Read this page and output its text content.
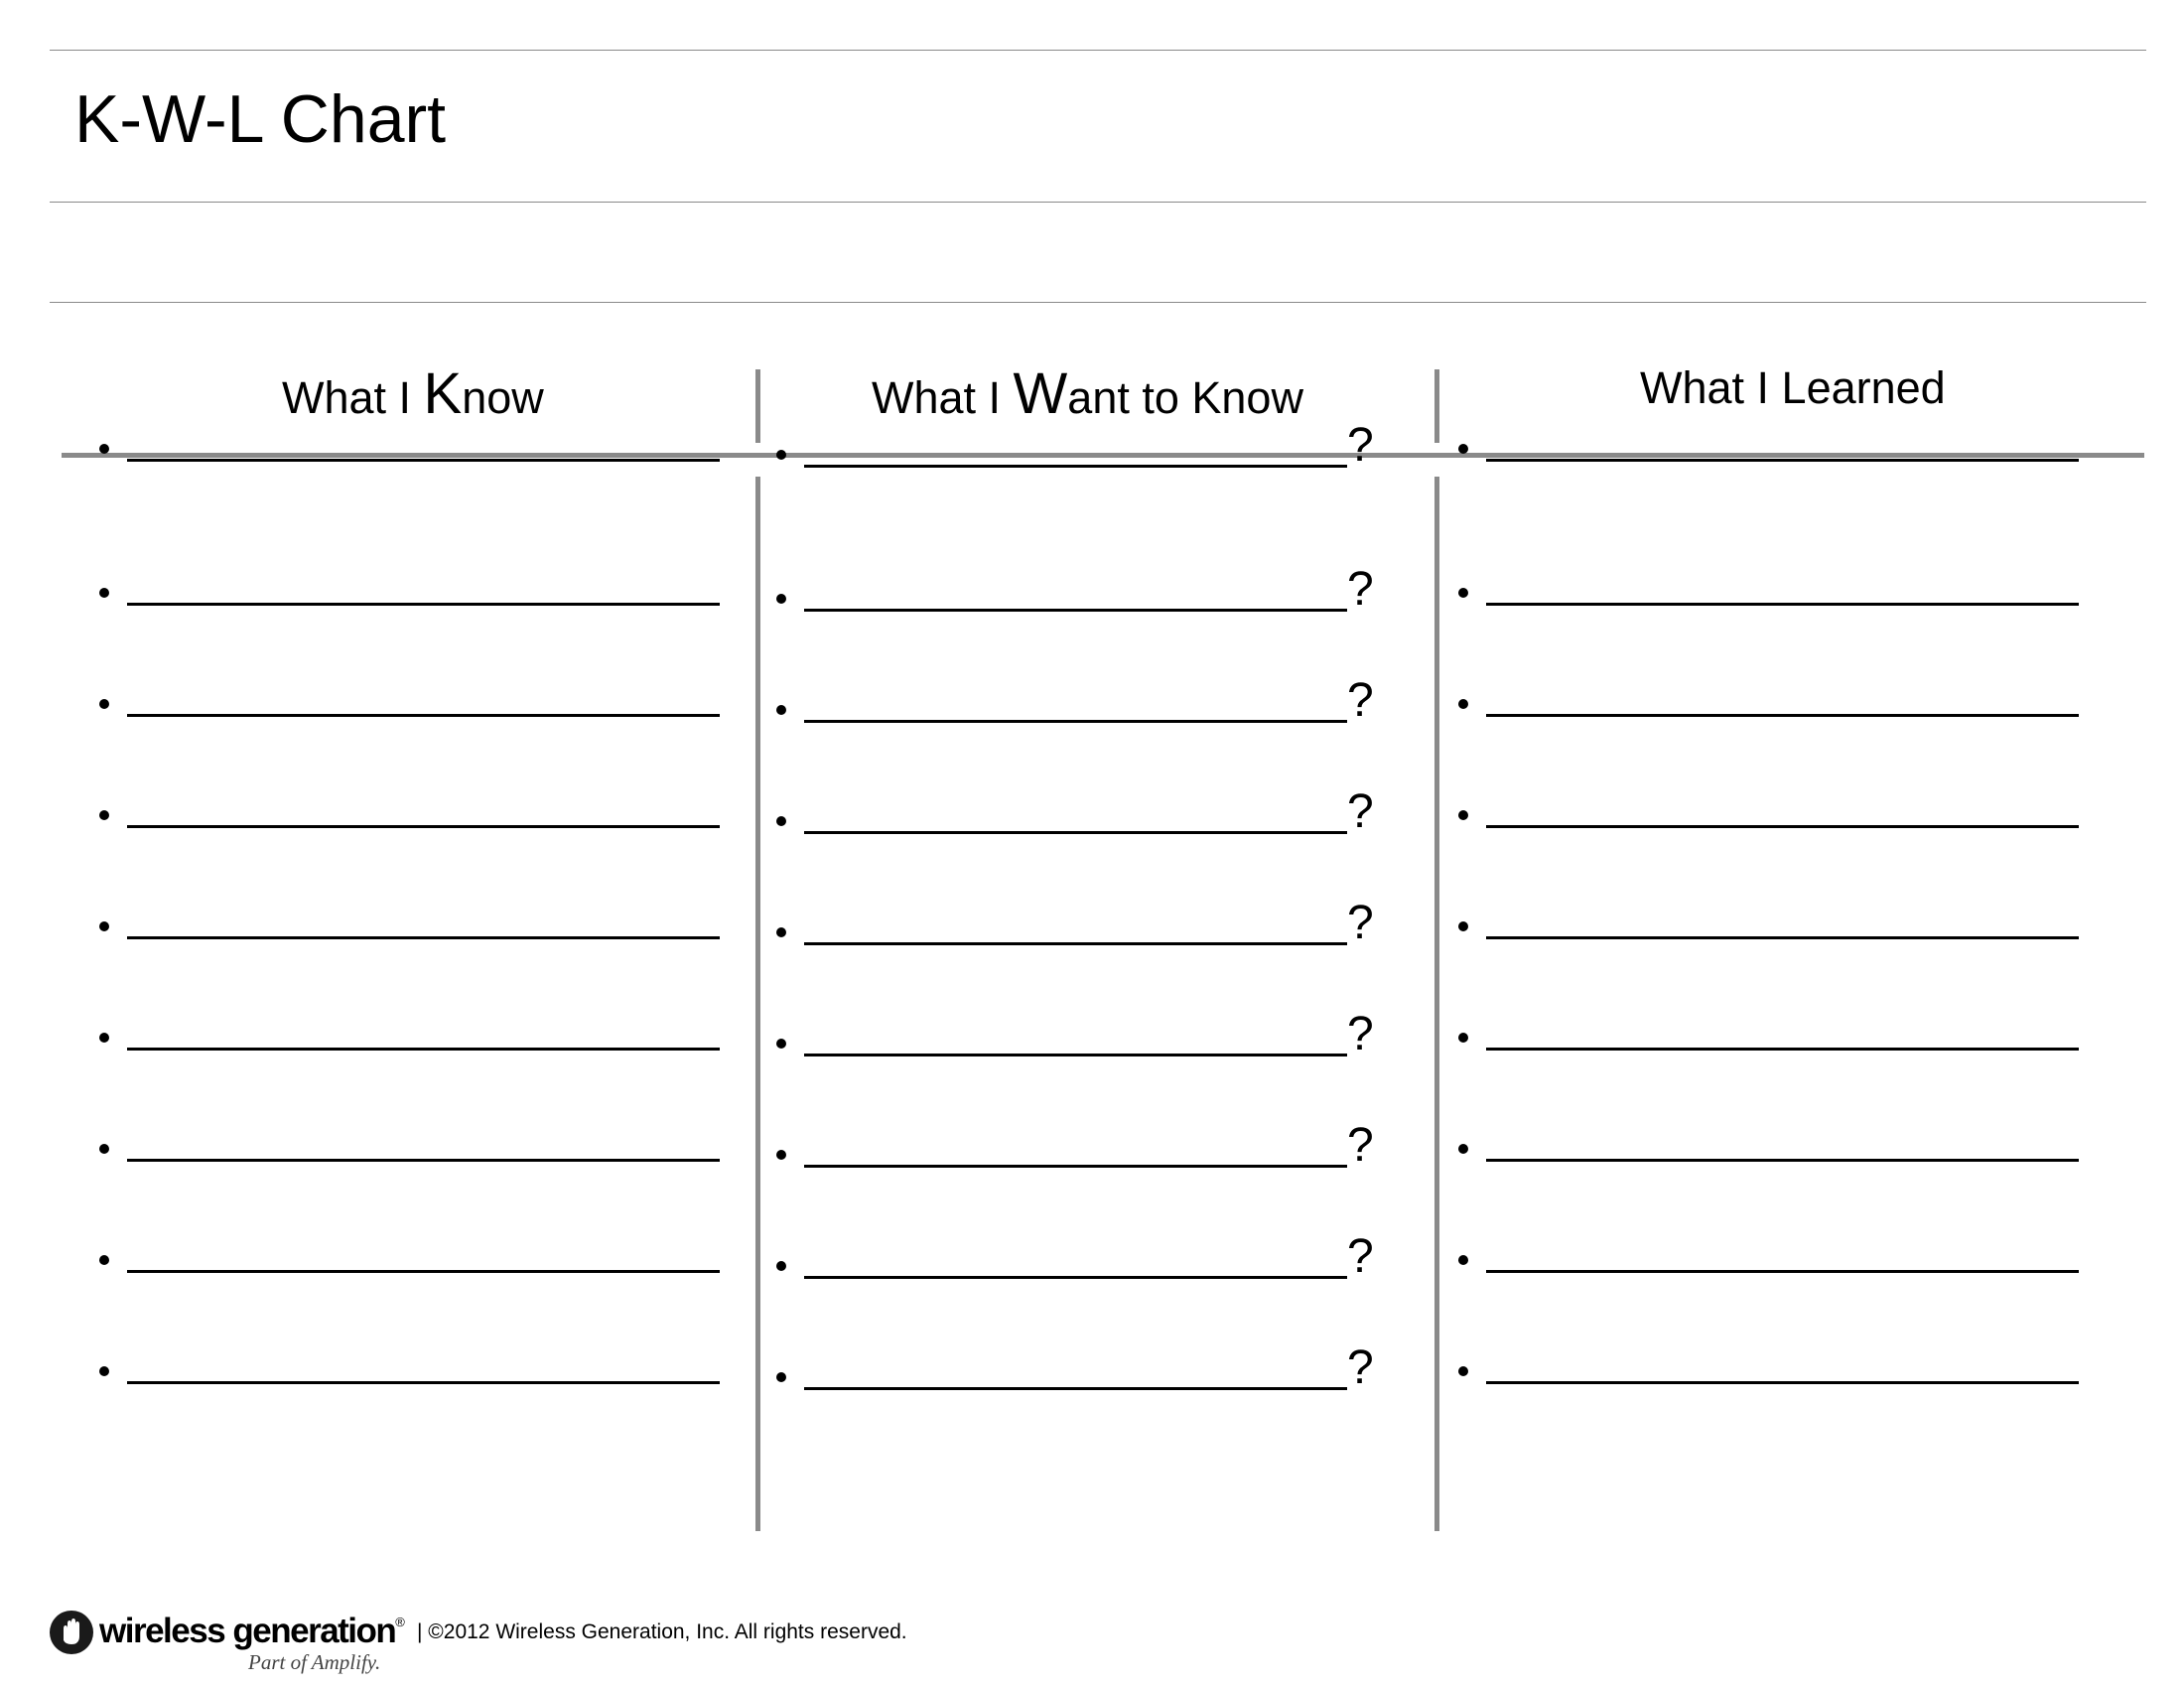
K-W-L Chart
What I Know	What I Want to Know	What I Learned
?
?
?
?
?
?
?
?
?
wireless generation®
Part of Amplify.
| ©2012 Wireless Generation, Inc. All rights reserved.
